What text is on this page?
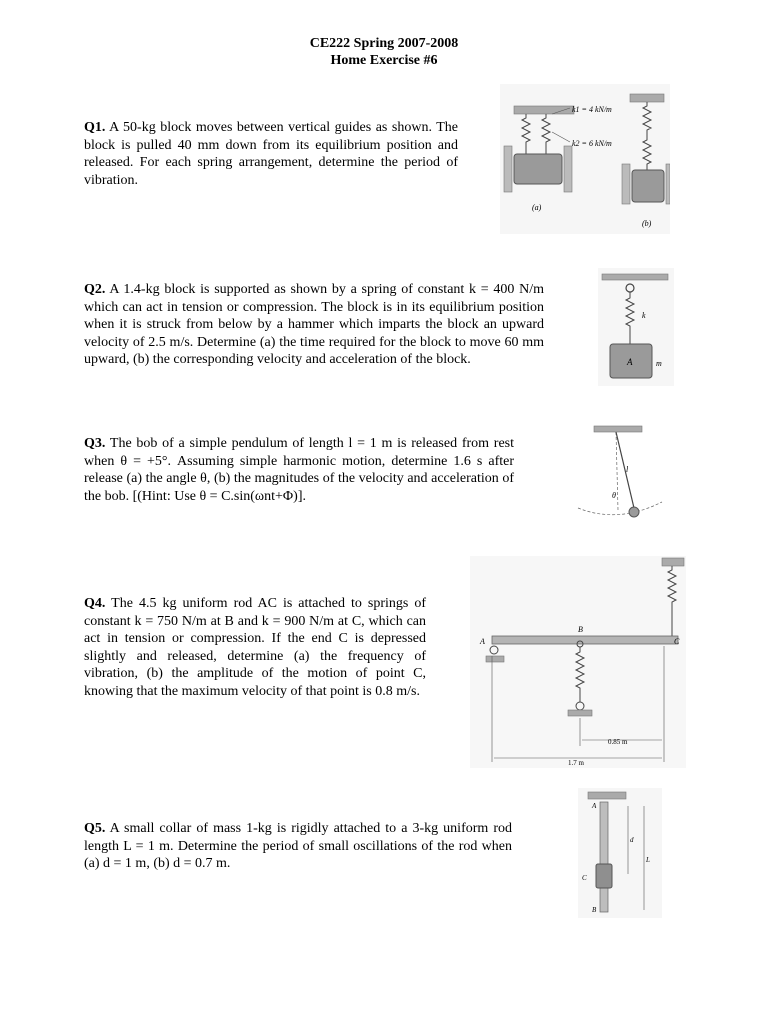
CE222 Spring 2007-2008
Home Exercise #6
Q1. A 50-kg block moves between vertical guides as shown. The block is pulled 40 mm down from its equilibrium position and released. For each spring arrangement, determine the period of vibration.
Q2. A 1.4-kg block is supported as shown by a spring of constant k = 400 N/m which can act in tension or compression. The block is in its equilibrium position when it is struck from below by a hammer which imparts the block an upward velocity of 2.5 m/s. Determine (a) the time required for the block to move 60 mm upward, (b) the corresponding velocity and acceleration of the block.
Q3. The bob of a simple pendulum of length l = 1 m is released from rest when θ = +5°. Assuming simple harmonic motion, determine 1.6 s after release (a) the angle θ, (b) the magnitudes of the velocity and acceleration of the bob. [(Hint: Use θ = C.sin(ωnt+Φ)].
Q4. The 4.5 kg uniform rod AC is attached to springs of constant k = 750 N/m at B and k = 900 N/m at C, which can act in tension or compression. If the end C is depressed slightly and released, determine (a) the frequency of vibration, (b) the amplitude of the motion of point C, knowing that the maximum velocity of that point is 0.8 m/s.
Q5. A small collar of mass 1-kg is rigidly attached to a 3-kg uniform rod length L = 1 m. Determine the period of small oscillations of the rod when (a) d = 1 m, (b) d = 0.7 m.
(a)
k1 = 4 kN/m
k2 = 6 kN/m
(b)
k
A	m
l
θ
A
B
C
0.85 m
1.7 m
A
C
B
d
L
